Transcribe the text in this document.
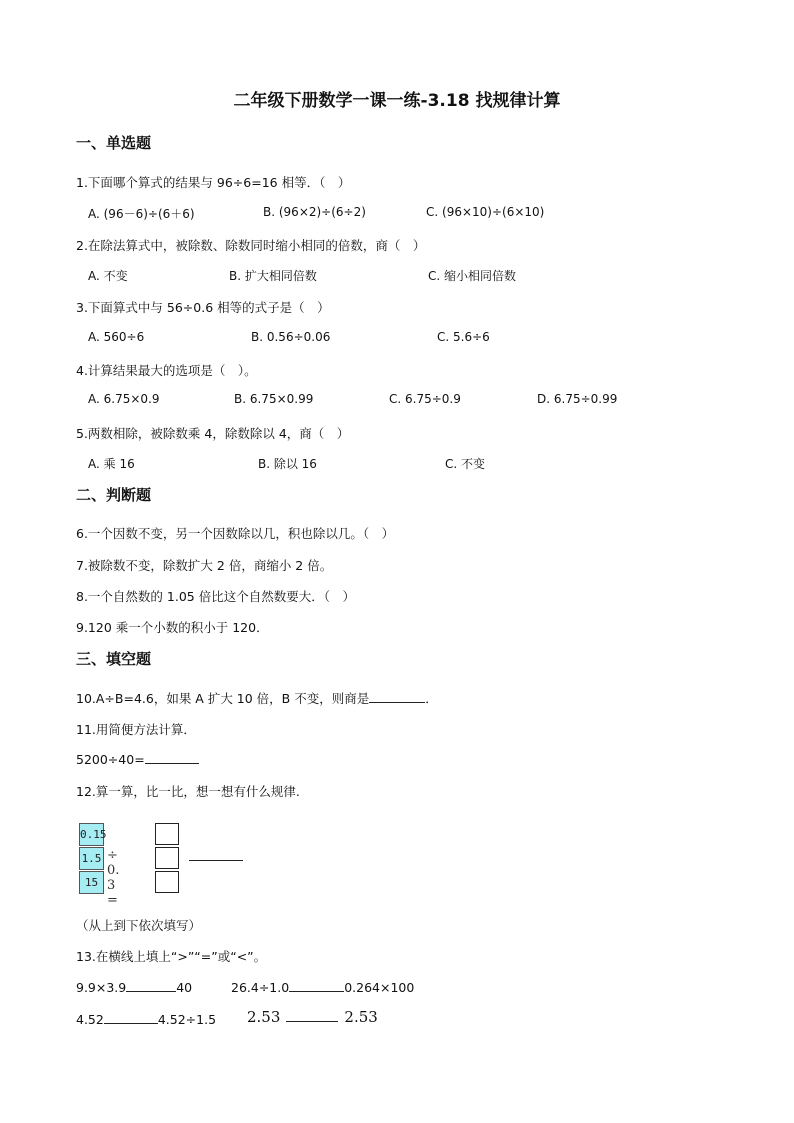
二年级下册数学一课一练-3.18 找规律计算
一、单选题
1.下面哪个算式的结果与 96÷6=16 相等．（　）
A. (96－6)÷(6＋6)	B. (96×2)÷(6÷2)	C. (96×10)÷(6×10)
2.在除法算式中，被除数、除数同时缩小相同的倍数，商（　）
A. 不变	B. 扩大相同倍数	C. 缩小相同倍数
3.下面算式中与 56÷0.6 相等的式子是（　）
A. 560÷6	B. 0.56÷0.06	C. 5.6÷6
4.计算结果最大的选项是（　）。
A. 6.75×0.9	B. 6.75×0.99	C. 6.75÷0.9	D. 6.75÷0.99
5.两数相除，被除数乘 4，除数除以 4，商（　）
A. 乘 16	B. 除以 16	C. 不变
二、判断题
6.一个因数不变，另一个因数除以几，积也除以几。（　）
7.被除数不变，除数扩大 2 倍，商缩小 2 倍。
8.一个自然数的 1.05 倍比这个自然数要大．（　）
9.120 乘一个小数的积小于 120．
三、填空题
10.A÷B=4.6，如果 A 扩大 10 倍，B 不变，则商是	．
11.用简便方法计算．
5200÷40=
12.算一算，比一比，想一想有什么规律.
0.15
1.5
15
÷ 0. 3 =
（从上到下依次填写）
13.在横线上填上“>”“=”或“<”。
9.9×3.9	40	26.4÷1.0	0.264×100
4.52	4.52÷1.5 2.53	2.53
